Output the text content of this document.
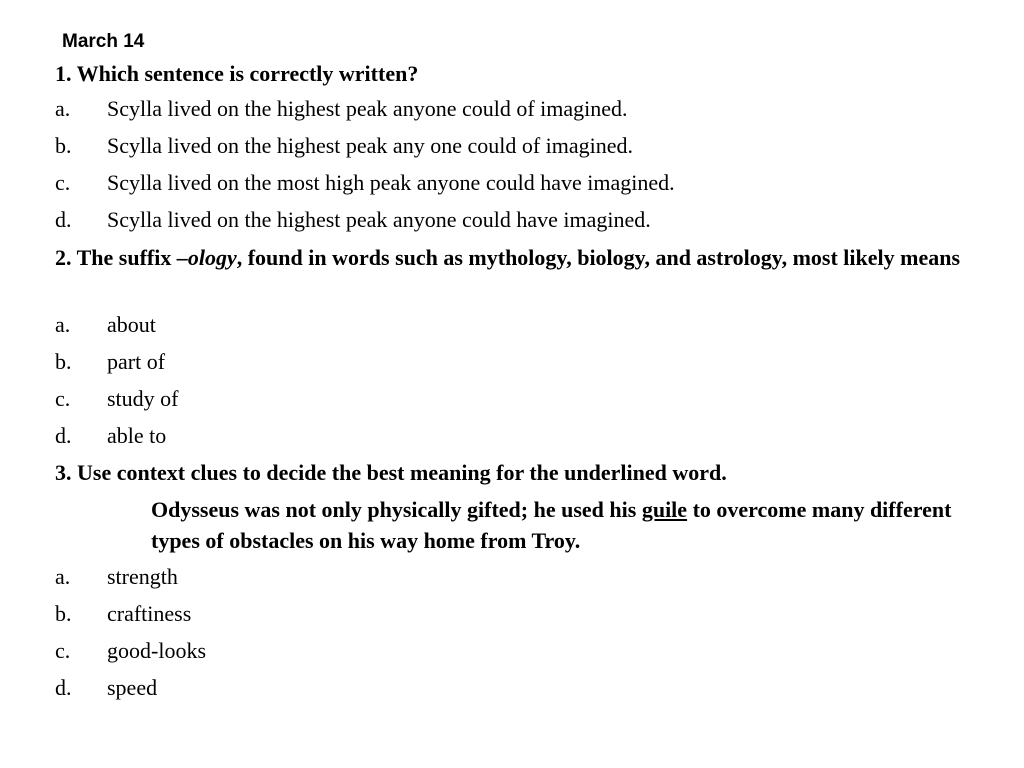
March 14
1. Which sentence is correctly written?
a. Scylla lived on the highest peak anyone could of imagined.
b. Scylla lived on the highest peak any one could of imagined.
c. Scylla lived on the most high peak anyone could have imagined.
d. Scylla lived on the highest peak anyone could have imagined.
2. The suffix –ology, found in words such as mythology, biology, and astrology, most likely means
a. about
b. part of
c. study of
d. able to
3. Use context clues to decide the best meaning for the underlined word.
Odysseus was not only physically gifted; he used his guile to overcome many different types of obstacles on his way home from Troy.
a. strength
b. craftiness
c. good-looks
d. speed
